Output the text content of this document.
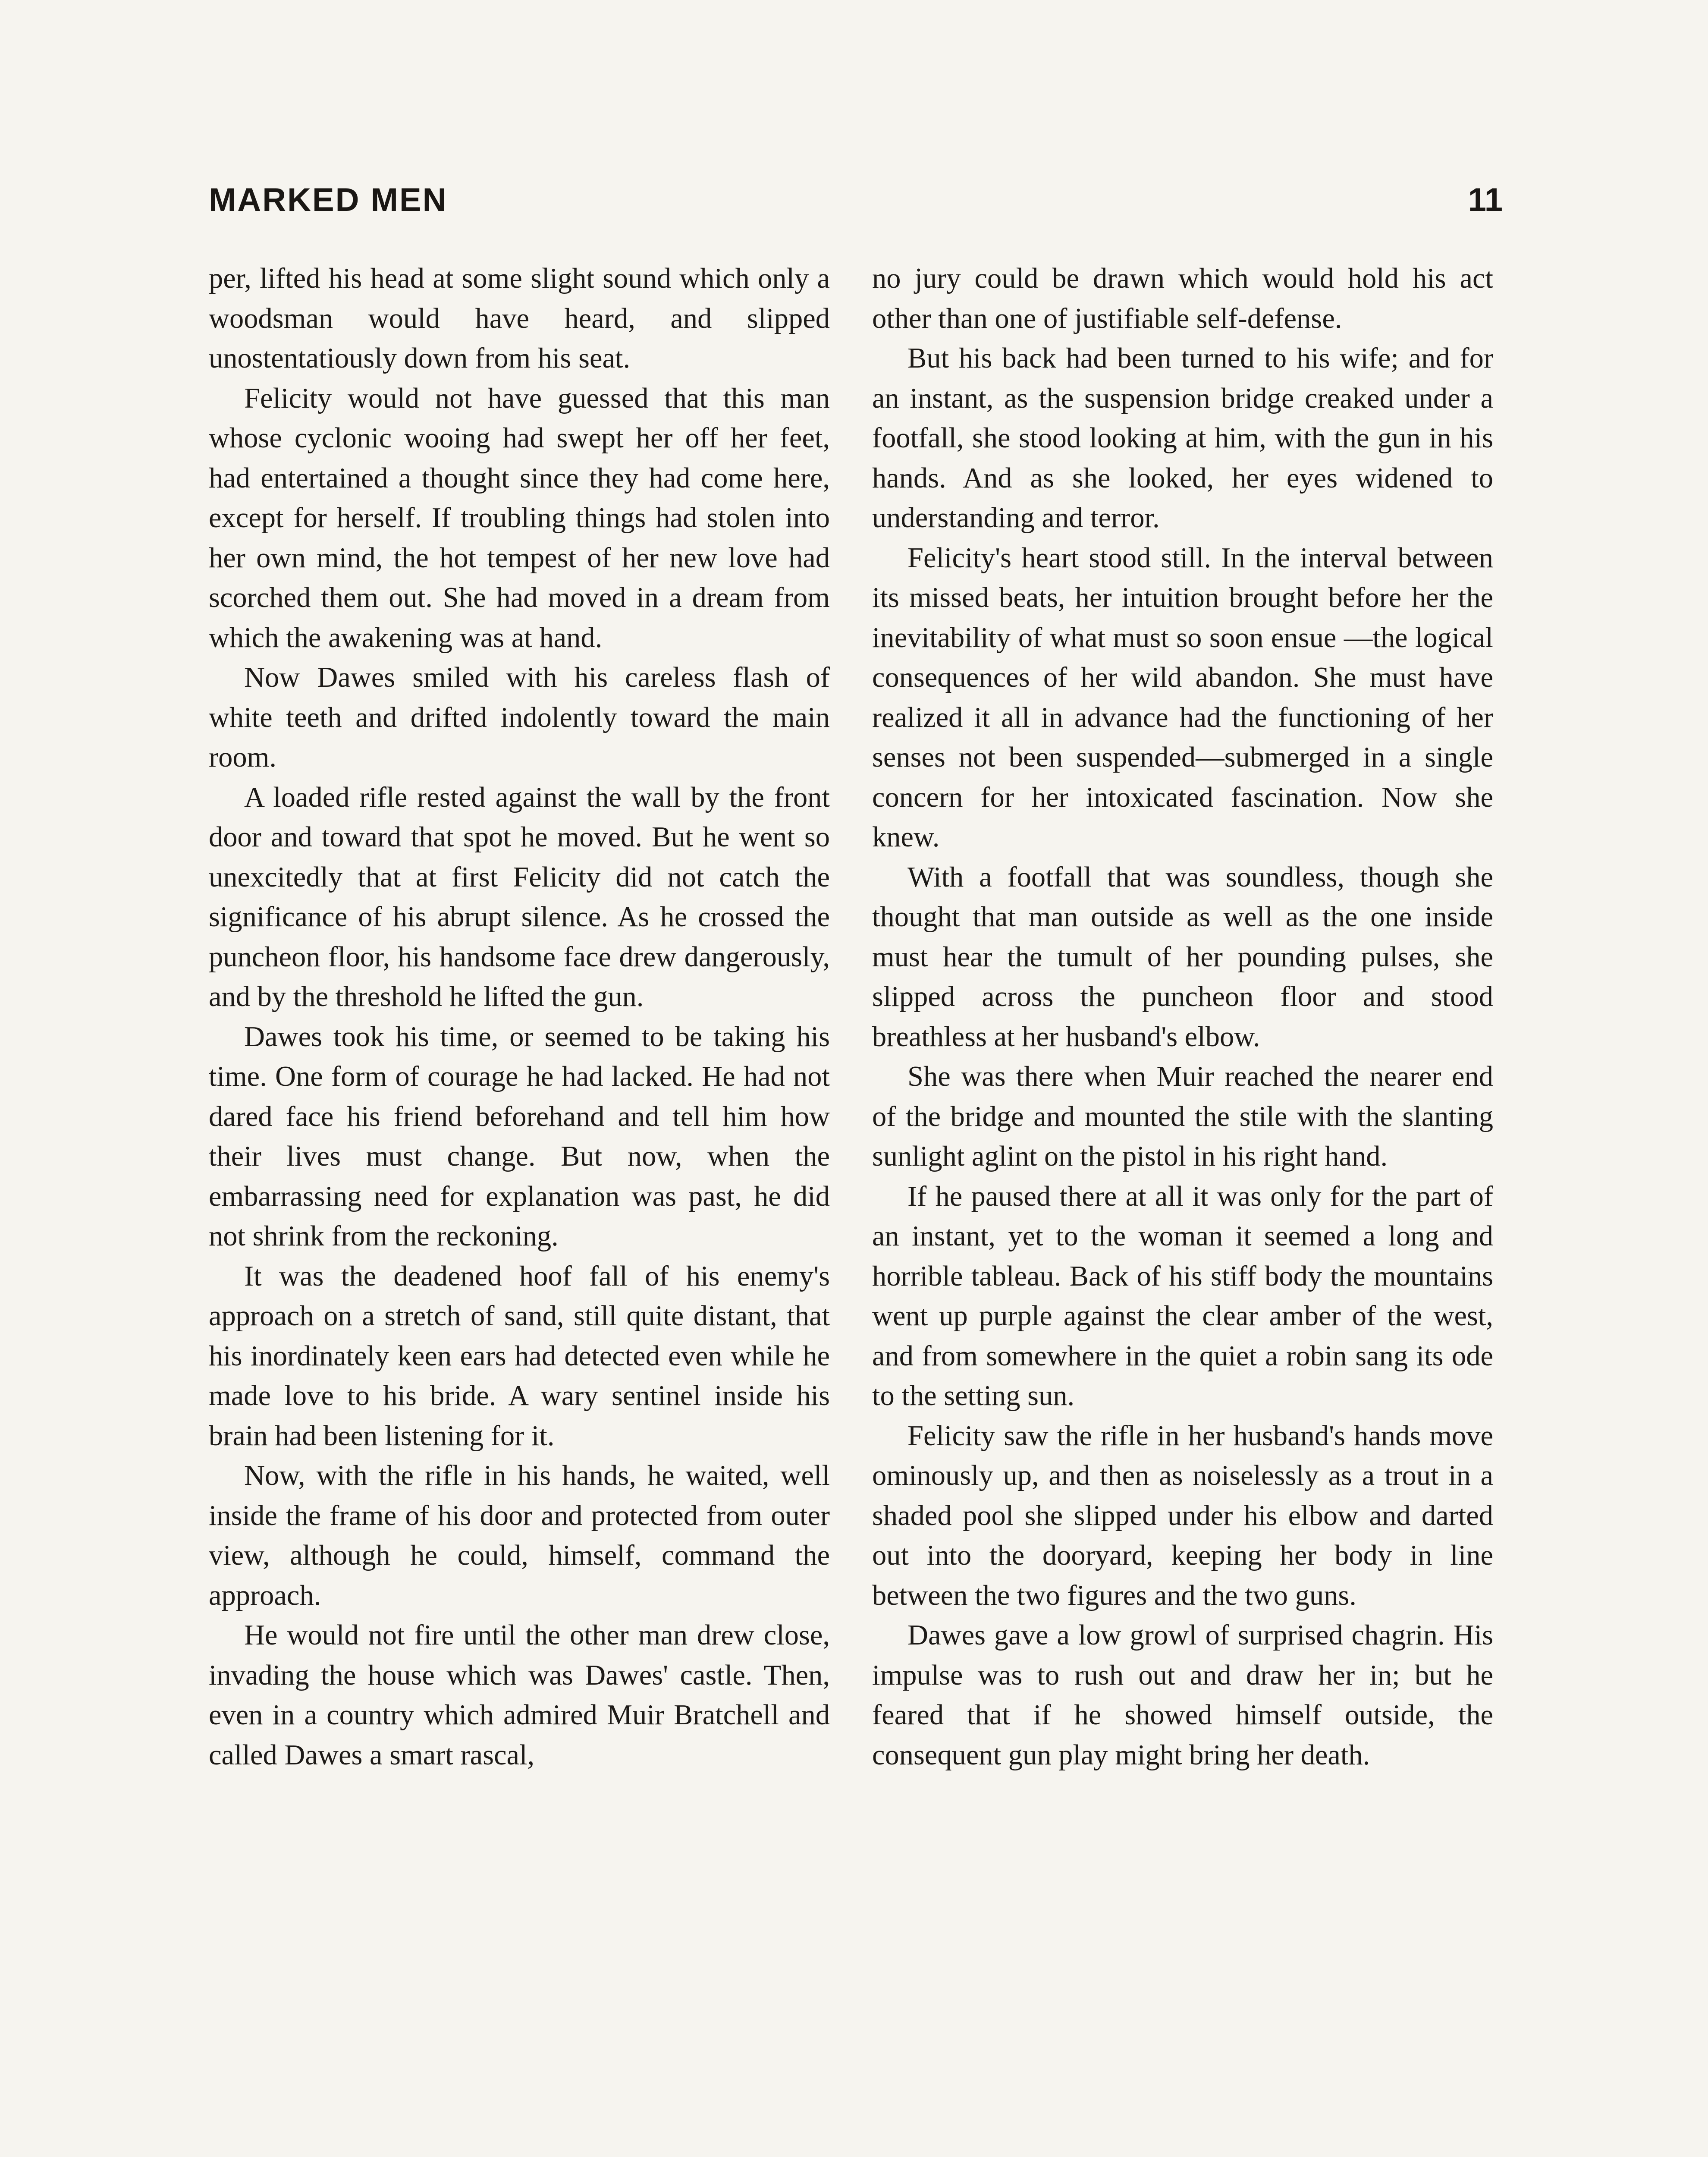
MARKED MEN	11

per, lifted his head at some slight sound which only a woodsman would have heard, and slipped unostentatiously down from his seat.

Felicity would not have guessed that this man whose cyclonic wooing had swept her off her feet, had entertained a thought since they had come here, except for herself. If troubling things had stolen into her own mind, the hot tempest of her new love had scorched them out. She had moved in a dream from which the awakening was at hand.

Now Dawes smiled with his careless flash of white teeth and drifted indolently toward the main room.

A loaded rifle rested against the wall by the front door and toward that spot he moved. But he went so unexcitedly that at first Felicity did not catch the significance of his abrupt silence. As he crossed the puncheon floor, his handsome face drew dangerously, and by the threshold he lifted the gun.

Dawes took his time, or seemed to be taking his time. One form of courage he had lacked. He had not dared face his friend beforehand and tell him how their lives must change. But now, when the embarrassing need for explanation was past, he did not shrink from the reckoning.

It was the deadened hoof fall of his enemy's approach on a stretch of sand, still quite distant, that his inordinately keen ears had detected even while he made love to his bride. A wary sentinel inside his brain had been listening for it.

Now, with the rifle in his hands, he waited, well inside the frame of his door and protected from outer view, although he could, himself, command the approach.

He would not fire until the other man drew close, invading the house which was Dawes' castle. Then, even in a country which admired Muir Bratchell and called Dawes a smart rascal,

no jury could be drawn which would hold his act other than one of justifiable self-defense.

But his back had been turned to his wife; and for an instant, as the suspension bridge creaked under a footfall, she stood looking at him, with the gun in his hands. And as she looked, her eyes widened to understanding and terror.

Felicity's heart stood still. In the interval between its missed beats, her intuition brought before her the inevitability of what must so soon ensue —the logical consequences of her wild abandon. She must have realized it all in advance had the functioning of her senses not been suspended—submerged in a single concern for her intoxicated fascination. Now she knew.

With a footfall that was soundless, though she thought that man outside as well as the one inside must hear the tumult of her pounding pulses, she slipped across the puncheon floor and stood breathless at her husband's elbow.

She was there when Muir reached the nearer end of the bridge and mounted the stile with the slanting sunlight aglint on the pistol in his right hand.

If he paused there at all it was only for the part of an instant, yet to the woman it seemed a long and horrible tableau. Back of his stiff body the mountains went up purple against the clear amber of the west, and from somewhere in the quiet a robin sang its ode to the setting sun.

Felicity saw the rifle in her husband's hands move ominously up, and then as noiselessly as a trout in a shaded pool she slipped under his elbow and darted out into the dooryard, keeping her body in line between the two figures and the two guns.

Dawes gave a low growl of surprised chagrin. His impulse was to rush out and draw her in; but he feared that if he showed himself outside, the consequent gun play might bring her death.
